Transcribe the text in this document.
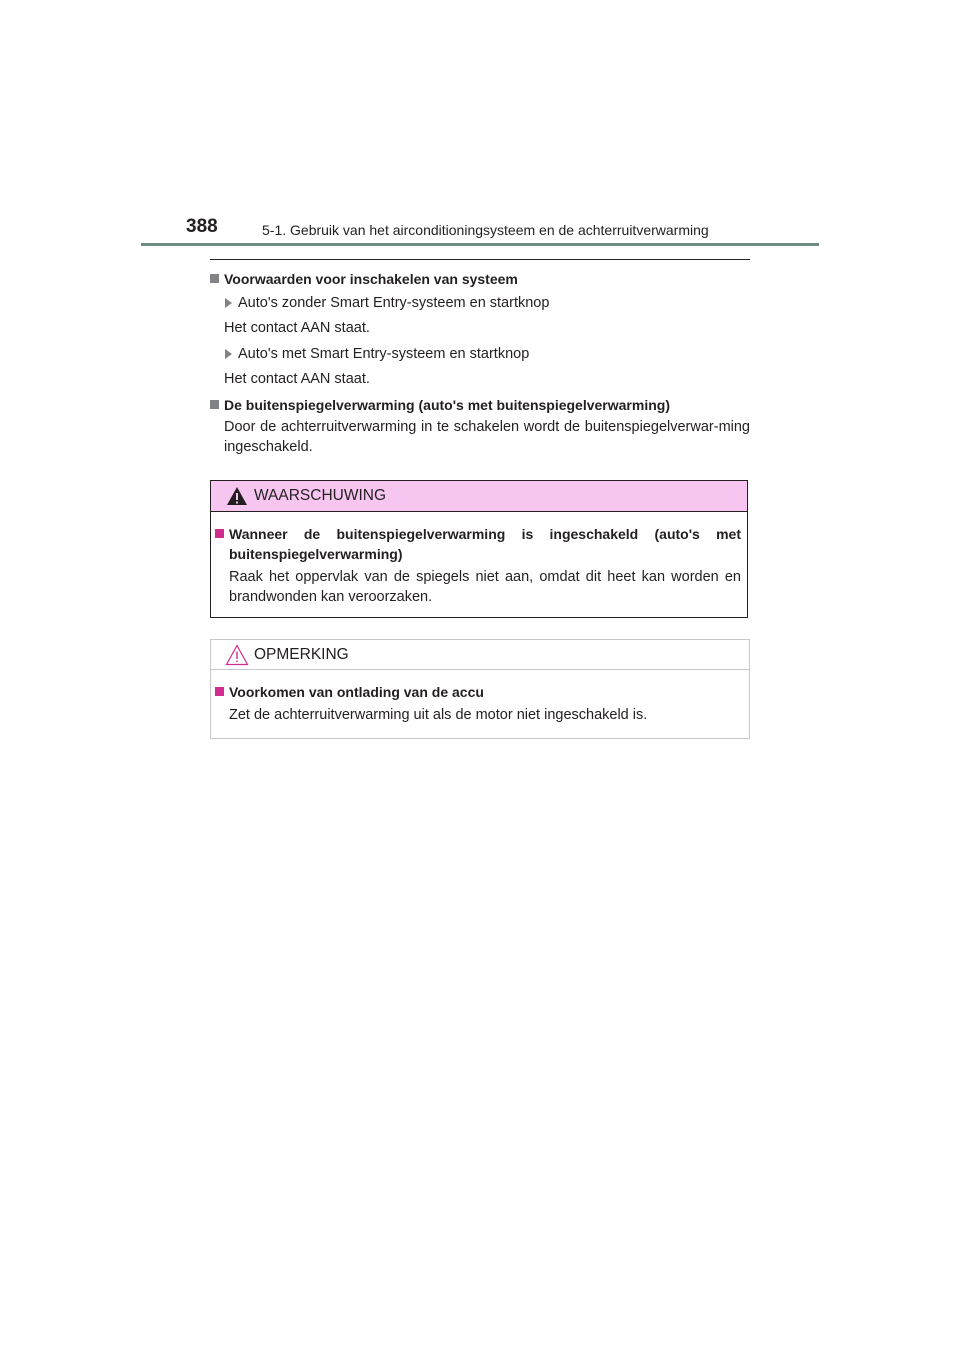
388	5-1. Gebruik van het airconditioningsysteem en de achterruitverwarming
Voorwaarden voor inschakelen van systeem
Auto's zonder Smart Entry-systeem en startknop
Het contact AAN staat.
Auto's met Smart Entry-systeem en startknop
Het contact AAN staat.
De buitenspiegelverwarming (auto's met buitenspiegelverwarming)
Door de achterruitverwarming in te schakelen wordt de buitenspiegelverwar-ming ingeschakeld.
WAARSCHUWING
Wanneer de buitenspiegelverwarming is ingeschakeld (auto's met buitenspiegelverwarming)
Raak het oppervlak van de spiegels niet aan, omdat dit heet kan worden en brandwonden kan veroorzaken.
OPMERKING
Voorkomen van ontlading van de accu
Zet de achterruitverwarming uit als de motor niet ingeschakeld is.
